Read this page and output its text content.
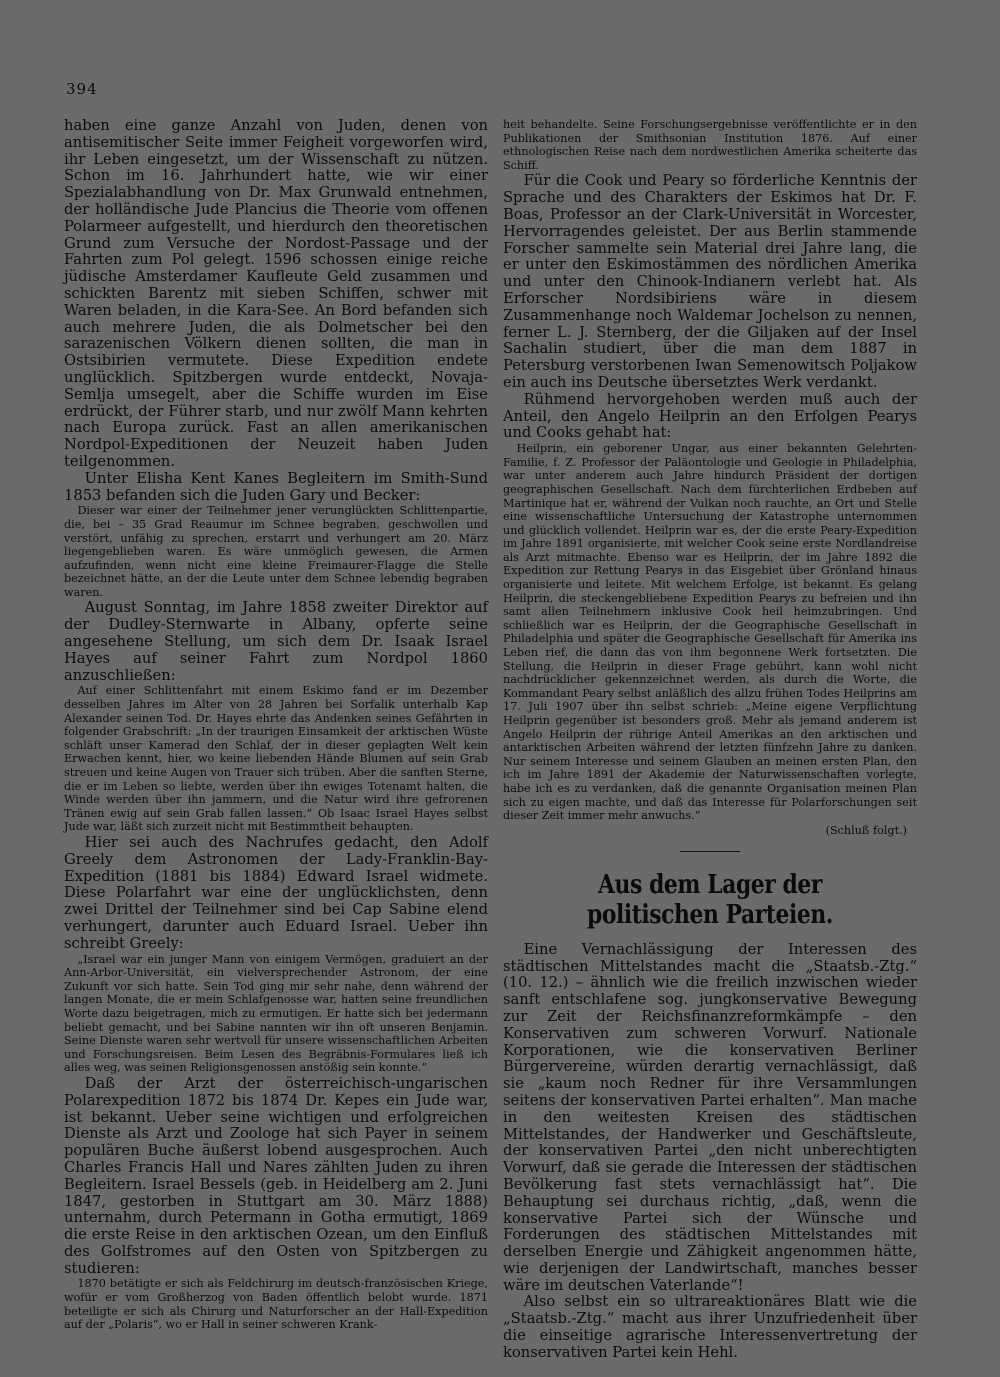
394

haben eine ganze Anzahl von Juden, denen von antisemitischer Seite immer Feigheit vorgeworfen wird, ihr Leben eingesetzt, um der Wissenschaft zu nützen. Schon im 16. Jahrhundert hatte, wie wir einer Spezialabhandlung von Dr. Max Grunwald entnehmen, der holländische Jude Plancius die Theorie vom offenen Polarmeer aufgestellt, und hierdurch den theoretischen Grund zum Versuche der Nordost-Passage und der Fahrten zum Pol gelegt. 1596 schossen einige reiche jüdische Amsterdamer Kaufleute Geld zusammen und schickten Barentz mit sieben Schiffen, schwer mit Waren beladen, in die Kara-See. An Bord befanden sich auch mehrere Juden, die als Dolmetscher bei den sarazenischen Völkern dienen sollten, die man in Ostsibirien vermutete. Diese Expedition endete unglücklich. Spitzbergen wurde entdeckt, Novaja-Semlja umsegelt, aber die Schiffe wurden im Eise erdrückt, der Führer starb, und nur zwölf Mann kehrten nach Europa zurück. Fast an allen amerikanischen Nordpol-Expeditionen der Neuzeit haben Juden teilgenommen.

Unter Elisha Kent Kanes Begleitern im Smith-Sund 1853 befanden sich die Juden Gary und Becker:

Dieser war einer der Teilnehmer jener verunglückten Schlittenpartie, die, bei – 35 Grad Reaumur im Schnee begraben, geschwollen und verstört, unfähig zu sprechen, erstarrt und verhungert am 20. März liegengeblieben waren. Es wäre unmöglich gewesen, die Armen aufzufinden, wenn nicht eine kleine Freimaurer-Flagge die Stelle bezeichnet hätte, an der die Leute unter dem Schnee lebendig begraben waren.

August Sonntag, im Jahre 1858 zweiter Direktor auf der Dudley-Sternwarte in Albany, opferte seine angesehene Stellung, um sich dem Dr. Isaak Israel Hayes auf seiner Fahrt zum Nordpol 1860 anzuschließen:

Auf einer Schlittenfahrt mit einem Eskimo fand er im Dezember desselben Jahres im Alter von 28 Jahren bei Sorfalik unterhalb Kap Alexander seinen Tod. Dr. Hayes ehrte das Andenken seines Gefährten in folgender Grabschrift: „In der traurigen Einsamkeit der arktischen Wüste schläft unser Kamerad den Schlaf, der in dieser geplagten Welt kein Erwachen kennt, hier, wo keine liebenden Hände Blumen auf sein Grab streuen und keine Augen von Trauer sich trüben. Aber die sanften Sterne, die er im Leben so liebte, werden über ihn ewiges Totenamt halten, die Winde werden über ihn jammern, und die Natur wird ihre gefrorenen Tränen ewig auf sein Grab fallen lassen.“ Ob Isaac Israel Hayes selbst Jude war, läßt sich zurzeit nicht mit Bestimmtheit behaupten.

Hier sei auch des Nachrufes gedacht, den Adolf Greely dem Astronomen der Lady-Franklin-Bay-Expedition (1881 bis 1884) Edward Israel widmete. Diese Polarfahrt war eine der unglücklichsten, denn zwei Drittel der Teilnehmer sind bei Cap Sabine elend verhungert, darunter auch Eduard Israel. Ueber ihn schreibt Greely:

„Israel war ein junger Mann von einigem Vermögen, graduiert an der Ann-Arbor-Universität, ein vielversprechender Astronom, der eine Zukunft vor sich hatte. Sein Tod ging mir sehr nahe, denn während der langen Monate, die er mein Schlafgenosse war, hatten seine freundlichen Worte dazu beigetragen, mich zu ermutigen. Er hatte sich bei jedermann beliebt gemacht, und bei Sabine nannten wir ihn oft unseren Benjamin. Seine Dienste waren sehr wertvoll für unsere wissenschaftlichen Arbeiten und Forschungsreisen. Beim Lesen des Begräbnis-Formulares ließ ich alles weg, was seinen Religionsgenossen anstößig sein konnte.“

Daß der Arzt der österreichisch-ungarischen Polarexpedition 1872 bis 1874 Dr. Kepes ein Jude war, ist bekannt. Ueber seine wichtigen und erfolgreichen Dienste als Arzt und Zoologe hat sich Payer in seinem populären Buche äußerst lobend ausgesprochen. Auch Charles Francis Hall und Nares zählten Juden zu ihren Begleitern. Israel Bessels (geb. in Heidelberg am 2. Juni 1847, gestorben in Stuttgart am 30. März 1888) unternahm, durch Petermann in Gotha ermutigt, 1869 die erste Reise in den arktischen Ozean, um den Einfluß des Golfstromes auf den Osten von Spitzbergen zu studieren:

1870 betätigte er sich als Feldchirurg im deutsch-französischen Kriege, wofür er vom Großherzog von Baden öffentlich belobt wurde. 1871 beteiligte er sich als Chirurg und Naturforscher an der Hall-Expedition auf der „Polaris“, wo er Hall in seiner schweren Krank-

heit behandelte. Seine Forschungsergebnisse veröffentlichte er in den Publikationen der Smithsonian Institution 1876. Auf einer ethnologischen Reise nach dem nordwestlichen Amerika scheiterte das Schiff.

Für die Cook und Peary so förderliche Kenntnis der Sprache und des Charakters der Eskimos hat Dr. F. Boas, Professor an der Clark-Universität in Worcester, Hervorragendes geleistet. Der aus Berlin stammende Forscher sammelte sein Material drei Jahre lang, die er unter den Eskimostämmen des nördlichen Amerika und unter den Chinook-Indianern verlebt hat. Als Erforscher Nordsibiriens wäre in diesem Zusammenhange noch Waldemar Jochelson zu nennen, ferner L. J. Sternberg, der die Giljaken auf der Insel Sachalin studiert, über die man dem 1887 in Petersburg verstorbenen Iwan Semenowitsch Poljakow ein auch ins Deutsche übersetztes Werk verdankt.

Rühmend hervorgehoben werden muß auch der Anteil, den Angelo Heilprin an den Erfolgen Pearys und Cooks gehabt hat:

Heilprin, ein geborener Ungar, aus einer bekannten Gelehrten-Familie, f. Z. Professor der Paläontologie und Geologie in Philadelphia, war unter anderem auch Jahre hindurch Präsident der dortigen geographischen Gesellschaft. Nach dem fürchterlichen Erdbeben auf Martinique hat er, während der Vulkan noch rauchte, an Ort und Stelle eine wissenschaftliche Untersuchung der Katastrophe unternommen und glücklich vollendet. Heilprin war es, der die erste Peary-Expedition im Jahre 1891 organisierte, mit welcher Cook seine erste Nordlandreise als Arzt mitmachte. Ebenso war es Heilprin, der im Jahre 1892 die Expedition zur Rettung Pearys in das Eisgebiet über Grönland hinaus organisierte und leitete. Mit welchem Erfolge, ist bekannt. Es gelang Heilprin, die steckengebliebene Expedition Pearys zu befreien und ihn samt allen Teilnehmern inklusive Cook heil heimzubringen. Und schließlich war es Heilprin, der die Geographische Gesellschaft in Philadelphia und später die Geographische Gesellschaft für Amerika ins Leben rief, die dann das von ihm begonnene Werk fortsetzten. Die Stellung, die Heilprin in dieser Frage gebührt, kann wohl nicht nachdrücklicher gekennzeichnet werden, als durch die Worte, die Kommandant Peary selbst anläßlich des allzu frühen Todes Heilprins am 17. Juli 1907 über ihn selbst schrieb: „Meine eigene Verpflichtung Heilprin gegenüber ist besonders groß. Mehr als jemand anderem ist Angelo Heilprin der rührige Anteil Amerikas an den arktischen und antarktischen Arbeiten während der letzten fünfzehn Jahre zu danken. Nur seinem Interesse und seinem Glauben an meinen ersten Plan, den ich im Jahre 1891 der Akademie der Naturwissenschaften vorlegte, habe ich es zu verdanken, daß die genannte Organisation meinen Plan sich zu eigen machte, und daß das Interesse für Polarforschungen seit dieser Zeit immer mehr anwuchs.“

(Schluß folgt.)

Aus dem Lager der politischen Parteien.

Eine Vernachlässigung der Interessen des städtischen Mittelstandes macht die „Staatsb.-Ztg.“ (10. 12.) – ähnlich wie die freilich inzwischen wieder sanft entschlafene sog. jungkonservative Bewegung zur Zeit der Reichsfinanzreformkämpfe – den Konservativen zum schweren Vorwurf. Nationale Korporationen, wie die konservativen Berliner Bürgervereine, würden derartig vernachlässigt, daß sie „kaum noch Redner für ihre Versammlungen seitens der konservativen Partei erhalten“. Man mache in den weitesten Kreisen des städtischen Mittelstandes, der Handwerker und Geschäftsleute, der konservativen Partei „den nicht unberechtigten Vorwurf, daß sie gerade die Interessen der städtischen Bevölkerung fast stets vernachlässigt hat“. Die Behauptung sei durchaus richtig, „daß, wenn die konservative Partei sich der Wünsche und Forderungen des städtischen Mittelstandes mit derselben Energie und Zähigkeit angenommen hätte, wie derjenigen der Landwirtschaft, manches besser wäre im deutschen Vaterlande“!

Also selbst ein so ultrareaktionäres Blatt wie die „Staatsb.-Ztg.“ macht aus ihrer Unzufriedenheit über die einseitige agrarische Interessenvertretung der konservativen Partei kein Hehl.
